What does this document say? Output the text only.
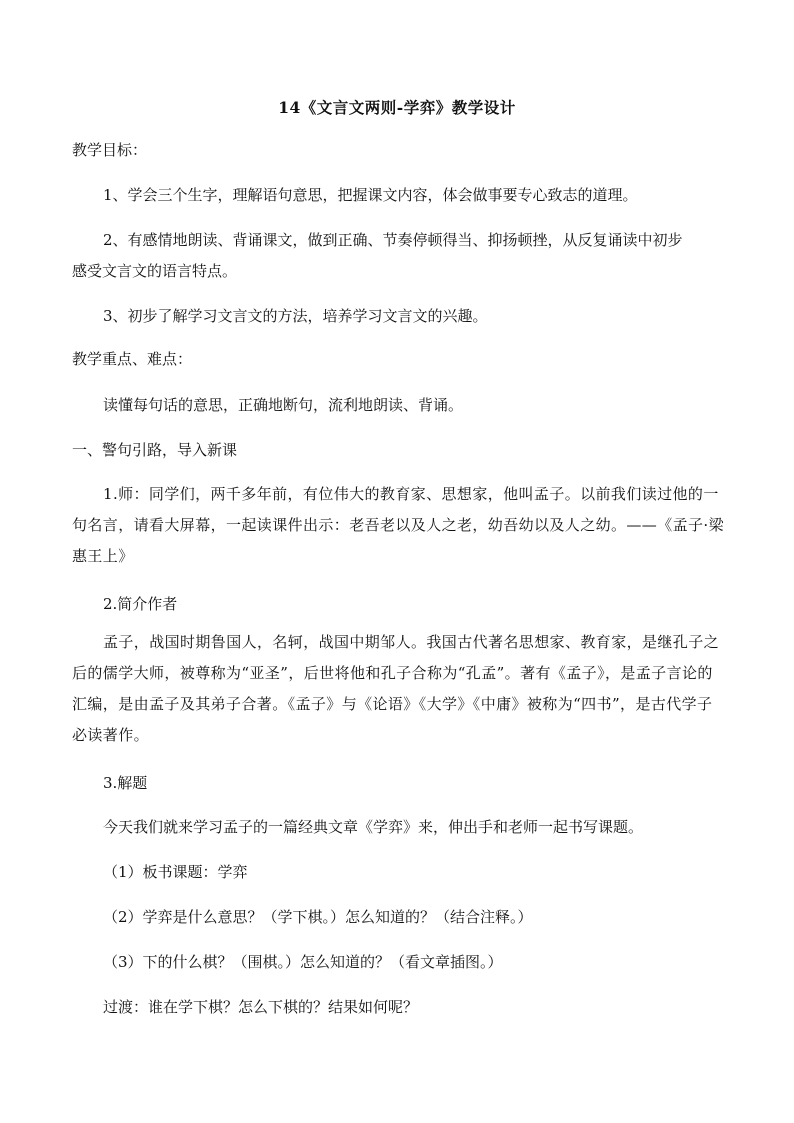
14《文言文两则-学弈》教学设计
教学目标：
1、学会三个生字，理解语句意思，把握课文内容，体会做事要专心致志的道理。
2、有感情地朗读、背诵课文，做到正确、节奏停顿得当、抑扬顿挫，从反复诵读中初步
感受文言文的语言特点。
3、初步了解学习文言文的方法，培养学习文言文的兴趣。
教学重点、难点：
读懂每句话的意思，正确地断句，流利地朗读、背诵。
一、警句引路，导入新课
1.师：同学们，两千多年前，有位伟大的教育家、思想家，他叫孟子。以前我们读过他的一句名言，请看大屏幕，一起读课件出示：老吾老以及人之老，幼吾幼以及人之幼。——《孟子·梁惠王上》
2.简介作者
孟子，战国时期鲁国人，名轲，战国中期邹人。我国古代著名思想家、教育家，是继孔子之后的儒学大师，被尊称为“亚圣”，后世将他和孔子合称为“孔孟”。著有《孟子》，是孟子言论的汇编，是由孟子及其弟子合著。《孟子》与《论语》《大学》《中庸》被称为“四书”，是古代学子必读著作。
3.解题
今天我们就来学习孟子的一篇经典文章《学弈》来，伸出手和老师一起书写课题。
（1）板书课题：学弈
（2）学弈是什么意思？（学下棋。）怎么知道的？（结合注释。）
（3）下的什么棋？（围棋。）怎么知道的？（看文章插图。）
过渡：谁在学下棋？怎么下棋的？结果如何呢？
